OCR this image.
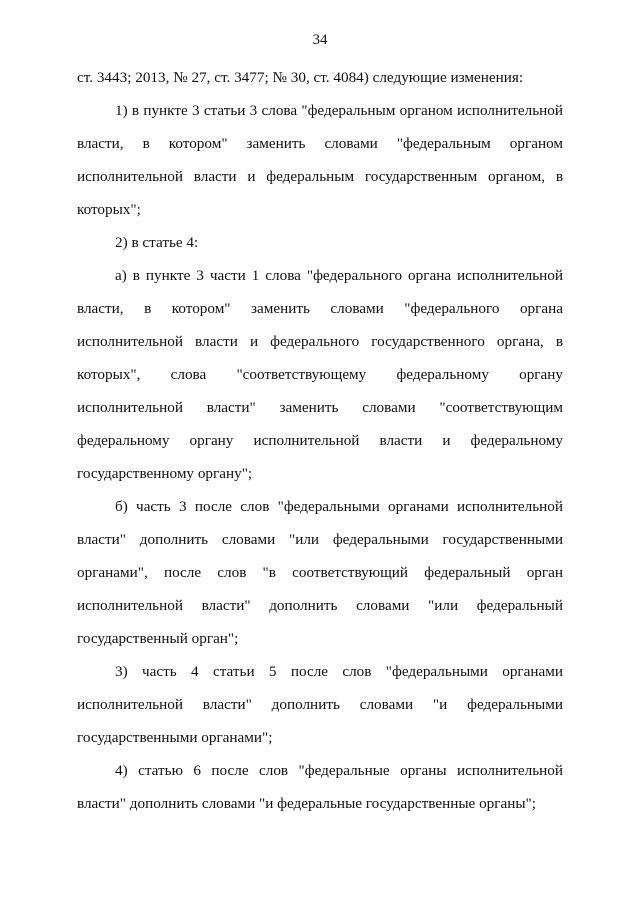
34
ст. 3443; 2013, № 27, ст. 3477; № 30, ст. 4084) следующие изменения:
1) в пункте 3 статьи 3 слова "федеральным органом исполнительной
власти, в котором" заменить словами "федеральным органом
исполнительной власти и федеральным государственным органом, в
которых";
2) в статье 4:
а) в пункте 3 части 1 слова "федерального органа исполнительной
власти, в котором" заменить словами "федерального органа
исполнительной власти и федерального государственного органа, в
которых", слова "соответствующему федеральному органу
исполнительной власти" заменить словами "соответствующим
федеральному органу исполнительной власти и федеральному
государственному органу";
б) часть 3 после слов "федеральными органами исполнительной
власти" дополнить словами "или федеральными государственными
органами", после слов "в соответствующий федеральный орган
исполнительной власти" дополнить словами "или федеральный
государственный орган";
3) часть 4 статьи 5 после слов "федеральными органами
исполнительной власти" дополнить словами "и федеральными
государственными органами";
4) статью 6 после слов "федеральные органы исполнительной
власти" дополнить словами "и федеральные государственные органы";
